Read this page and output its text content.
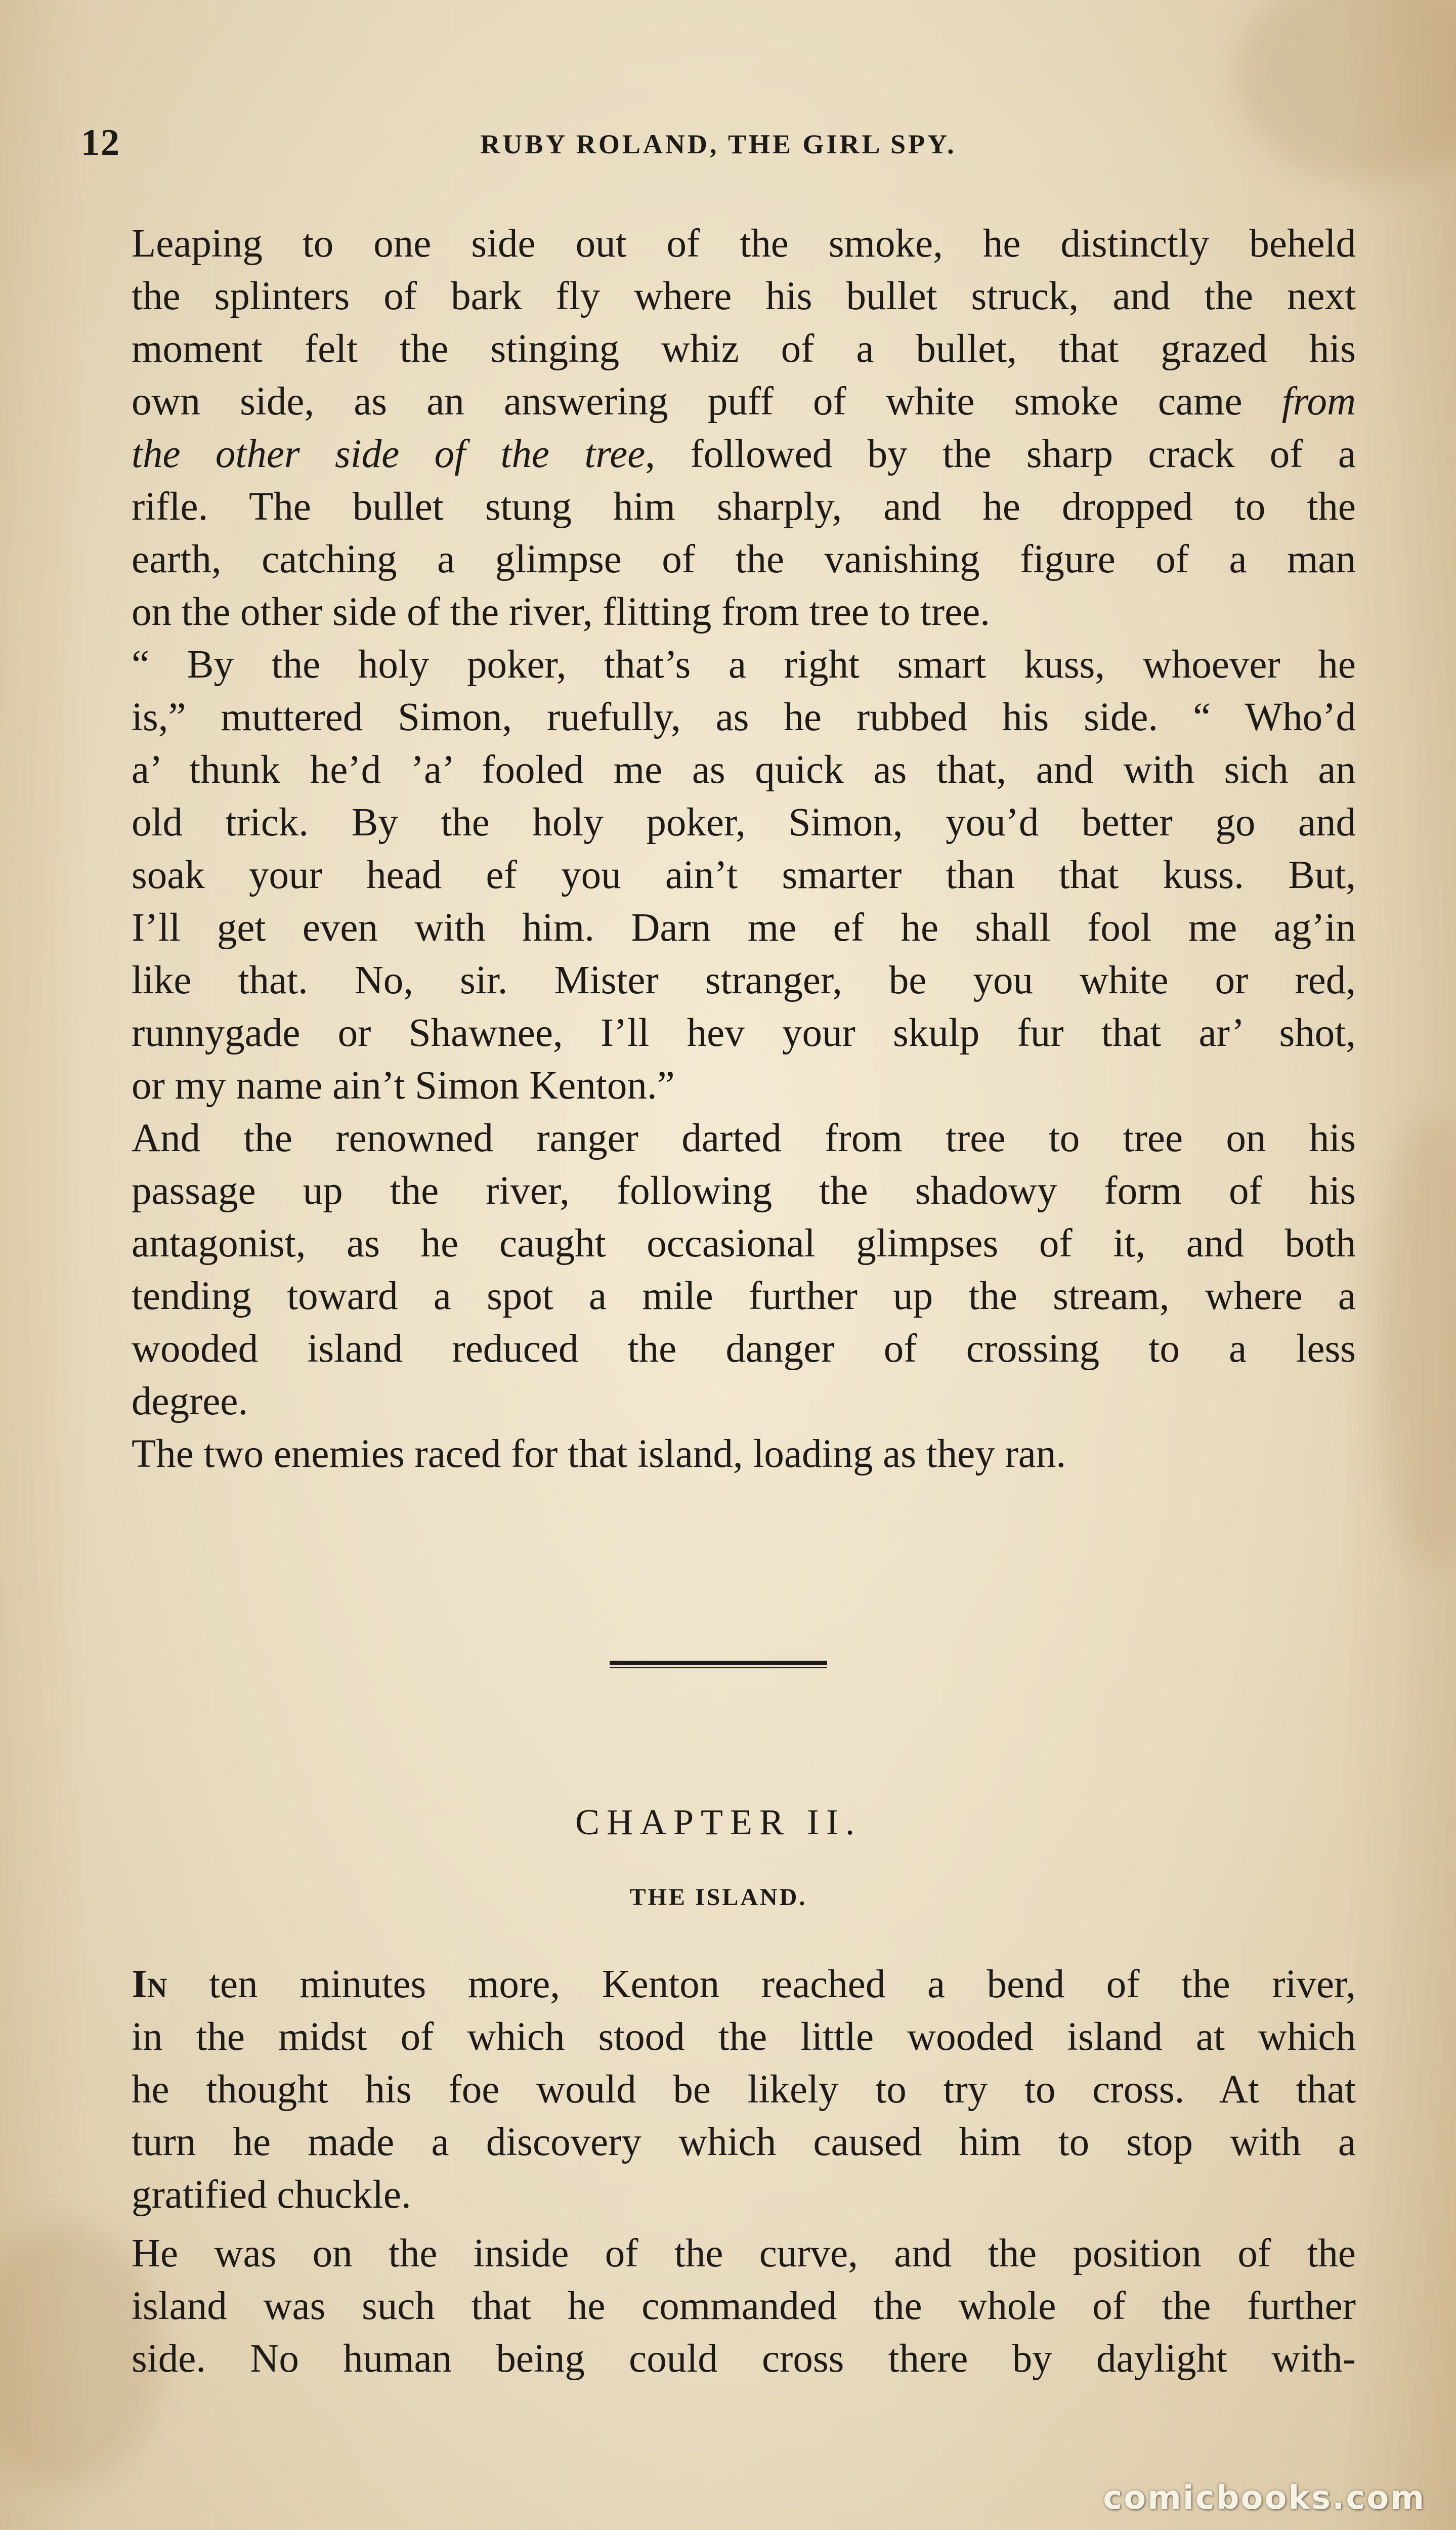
12	RUBY ROLAND, THE GIRL SPY.

Leaping to one side out of the smoke, he distinctly beheld
the splinters of bark fly where his bullet struck, and the next
moment felt the stinging whiz of a bullet, that grazed his
own side, as an answering puff of white smoke came from
the other side of the tree, followed by the sharp crack of a
rifle. The bullet stung him sharply, and he dropped to the
earth, catching a glimpse of the vanishing figure of a man
on the other side of the river, flitting from tree to tree.

“ By the holy poker, that’s a right smart kuss, whoever he
is,” muttered Simon, ruefully, as he rubbed his side. “ Who’d
a’ thunk he’d ’a’ fooled me as quick as that, and with sich an
old trick. By the holy poker, Simon, you’d better go and
soak your head ef you ain’t smarter than that kuss. But,
I’ll get even with him. Darn me ef he shall fool me ag’in
like that. No, sir. Mister stranger, be you white or red,
runnygade or Shawnee, I’ll hev your skulp fur that ar’ shot,
or my name ain’t Simon Kenton.”

And the renowned ranger darted from tree to tree on his
passage up the river, following the shadowy form of his
antagonist, as he caught occasional glimpses of it, and both
tending toward a spot a mile further up the stream, where a
wooded island reduced the danger of crossing to a less
degree.

The two enemies raced for that island, loading as they ran.

CHAPTER II.
THE ISLAND.

In ten minutes more, Kenton reached a bend of the river,
in the midst of which stood the little wooded island at which
he thought his foe would be likely to try to cross. At that
turn he made a discovery which caused him to stop with a
gratified chuckle.

He was on the inside of the curve, and the position of the
island was such that he commanded the whole of the further
side. No human being could cross there by daylight with-

comicbooks.com
